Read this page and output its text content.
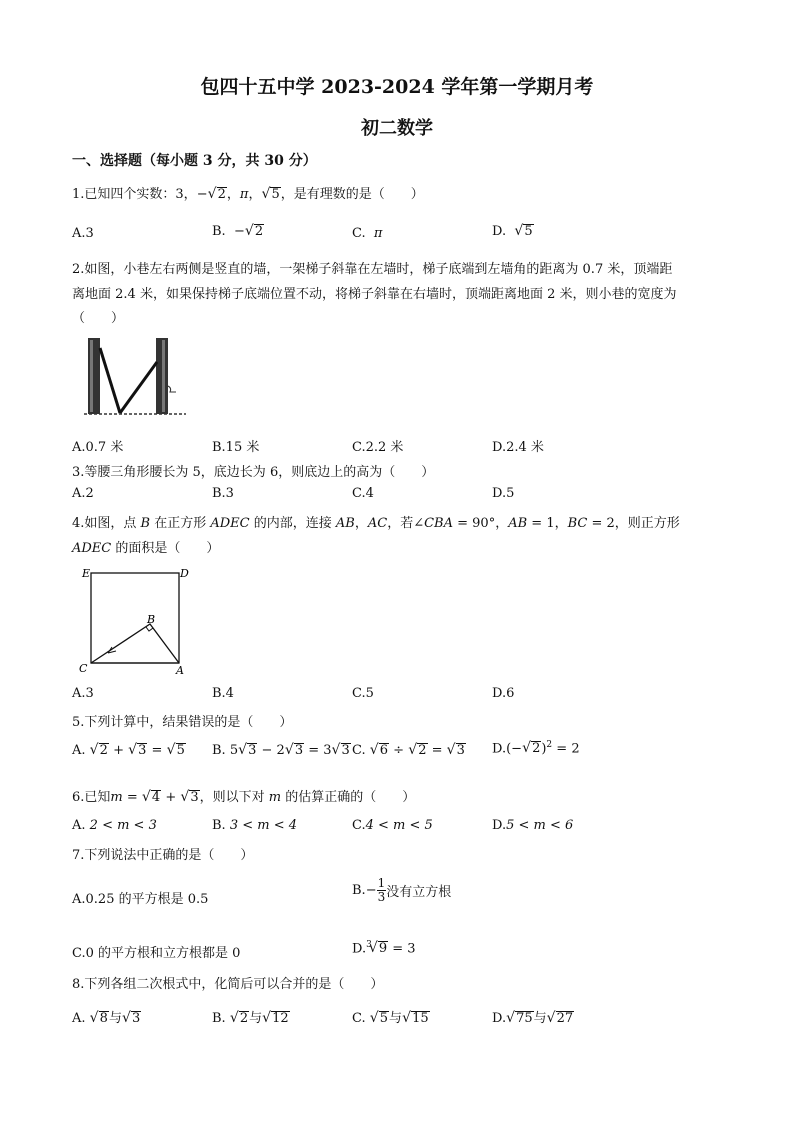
包四十五中学 2023-2024 学年第一学期月考
初二数学
一、选择题（每小题 3 分，共 30 分）
1.已知四个实数：3，− √ 2，π， √ 5，是有理数的是（　　）
A.3	B.  − √ 2	C. π	D. √ 5
2.如图，小巷左右两侧是竖直的墙，一架梯子斜靠在左墙时，梯子底端到左墙角的距离为 0.7 米，顶端距
离地面 2.4 米，如果保持梯子底端位置不动，将梯子斜靠在右墙时，顶端距离地面 2 米，则小巷的宽度为
（　　）
A.0.7 米	B.15 米	C.2.2 米	D.2.4 米
3.等腰三角形腰长为 5，底边长为 6，则底边上的高为（　　）
A.2	B.3	C.4	D.5
4.如图，点 B 在正方形 ADEC 的内部，连接 AB，AC，若∠CBA = 90°，AB = 1，BC = 2，则正方形
ADEC 的面积是（　　）
E	D
B
C	A
A.3	B.4	C.5	D.6
5.下列计算中，结果错误的是（　　）
A. √ 2 + √ 3 = √ 5 B. 5 √ 3 − 2 √ 3 = 3 √ 3 C. √ 6 ÷ √ 2 = √ 3 D.(− √ 2)$^2$ = 2
6.已知m = √ 4 + √ 3，则以下对 m 的估算正确的（　　）
A. 2 < m < 3	B. 3 < m < 4	C.4 < m < 5	D.5 < m < 6
7.下列说法中正确的是（　　）
A.0.25 的平方根是 0.5
$B.- \frac{1}{3}$ 没有立方根
C.0 的平方根和立方根都是 0	D.$^3$ √ 9 = 3
8.下列各组二次根式中，化简后可以合并的是（　　）
A. √ 8与 √ 3	B. √ 2与 √ 12	C. √ 5与 √ 15	D. √ 75与 √ 27
